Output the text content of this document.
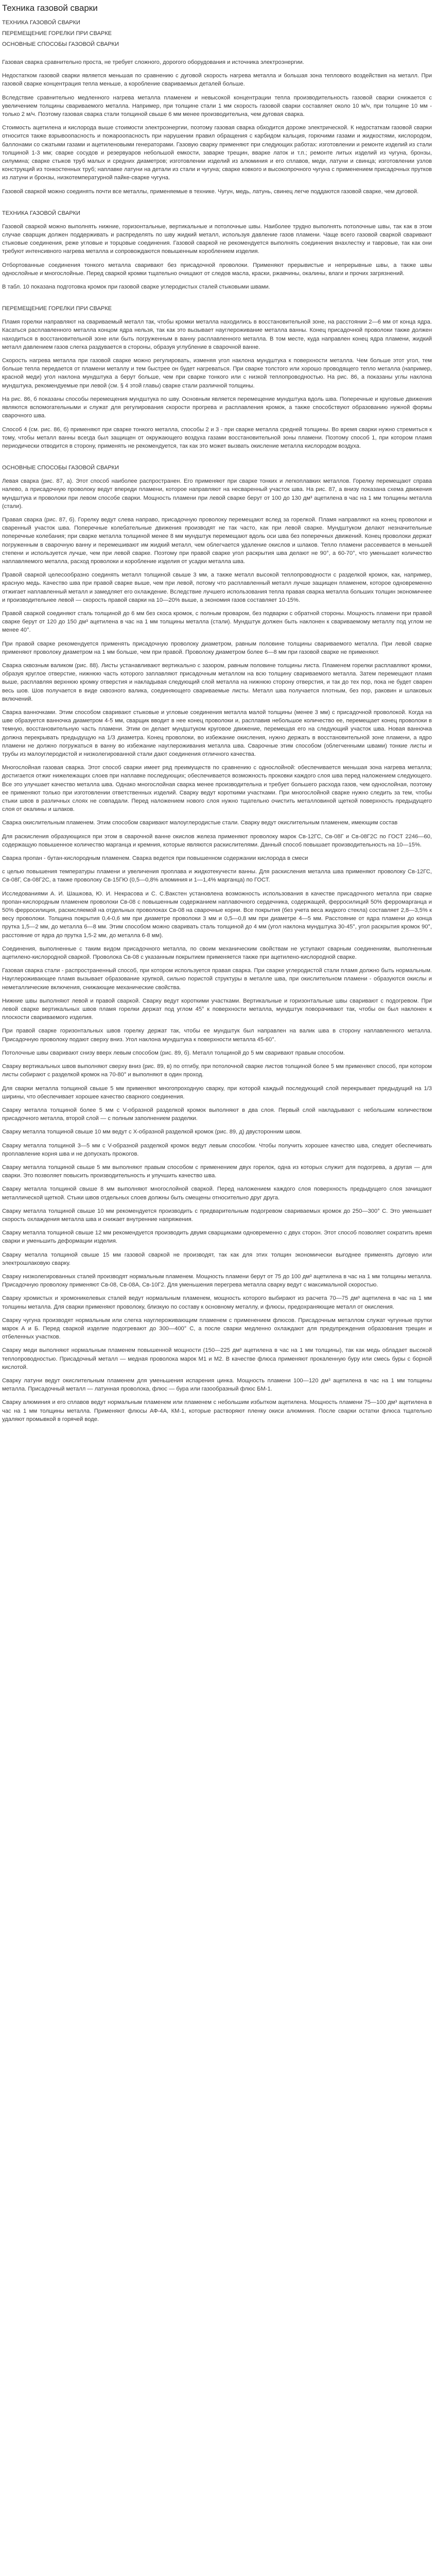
Техника газовой сварки
ТЕХНИКА ГАЗОВОЙ СВАРКИ
ПЕРЕМЕЩЕНИЕ ГОРЕЛКИ ПРИ СВАРКЕ
ОСНОВНЫЕ СПОСОБЫ ГАЗОВОЙ СВАРКИ

Газовая сварка сравнительно проста, не требует сложного, дорогого оборудования и источника электроэнергии.

Недостатком газовой сварки является меньшая по сравнению с дуговой скорость нагрева металла и большая зона теплового воздействия на металл. При газовой сварке концентрация тепла меньше, а коробление свариваемых деталей больше.

Вследствие сравнительно медленного нагрева металла пламенем и невысокой концентрации тепла производительность газовой сварки снижается с увеличением толщины свариваемого металла. Например, при толщине стали 1 мм скорость газовой сварки составляет около 10 м/ч, при толщине 10 мм - только 2 м/ч. Поэтому газовая сварка стали толщиной свыше 6 мм менее производительна, чем дуговая сварка.

Стоимость ацетилена и кислорода выше стоимости электроэнергии, поэтому газовая сварка обходится дороже электрической. К недостаткам газовой сварки относится также взрывоопасность и пожароопасность при нарушении правил обращения с карбидом кальция, горючими газами и жидкостями, кислородом, баллонами со сжатыми газами и ацетиленовыми генераторами. Газовую сварку применяют при следующих работах: изготовлении и ремонте изделий из стали толщиной 1-3 мм; сварке сосудов и резервуаров небольшой емкости, заварке трещин, вварке латок и т.п.; ремонте литых изделий из чугуна, бронзы, силумина; сварке стыков труб малых и средних диаметров; изготовлении изделий из алюминия и его сплавов, меди, латуни и свинца; изготовлении узлов конструкций из тонкостенных труб; наплавке латуни на детали из стали и чугуна; сварке ковкого и высокопрочного чугуна с применением присадочных прутков из латуни и бронзы, низкотемпературной пайке-сварке чугуна.

Газовой сваркой можно соединять почти все металлы, применяемые в технике. Чугун, медь, латунь, свинец легче поддаются газовой сварке, чем дуговой.

ТЕХНИКА ГАЗОВОЙ СВАРКИ

Газовой сваркой можно выполнять нижние, горизонтальные, вертикальные и потолочные швы. Наиболее трудно выполнять потолочные швы, так как в этом случае сварщик должен поддерживать и распределять по шву жидкий металл, используя давление газов пламени. Чаще всего газовой сваркой сваривают стыковые соединения, реже угловые и торцовые соединения. Газовой сваркой не рекомендуется выполнять соединения внахлестку и тавровые, так как они требуют интенсивного нагрева металла и сопровождаются повышенным короблением изделия.

Отбортованные соединения тонкого металла сваривают без присадочной проволоки. Применяют прерывистые и непрерывные швы, а также швы однослойные и многослойные. Перед сваркой кромки тщательно очищают от следов масла, краски, ржавчины, окалины, влаги и прочих загрязнений.

В табл. 10 показана подготовка кромок при газовой сварке углеродистых сталей стыковыми швами.

ПЕРЕМЕЩЕНИЕ ГОРЕЛКИ ПРИ СВАРКЕ

Пламя горелки направляют на свариваемый металл так, чтобы кромки металла находились в восстановительной зоне, на расстоянии 2—6 мм от конца ядра. Касаться расплавленного металла концом ядра нельзя, так как это вызывает науглероживание металла ванны. Конец присадочной проволоки также должен находиться в восстановительной зоне или быть погруженным в ванну расплавленного металла. В том месте, куда направлен конец ядра пламени, жидкий металл давлением газов слегка раздувается в стороны, образуя углубление в сварочной ванне.

Скорость нагрева металла при газовой сварке можно регулировать, изменяя угол наклона мундштука к поверхности металла. Чем больше этот угол, тем больше тепла передается от пламени металлу и тем быстрее он будет нагреваться. При сварке толстого или хорошо проводящего тепло металла (например, красной меди) угол наклона мундштука a берут больше, чем при сварке тонкого или с низкой теплопроводностью. На рис. 86, а показаны углы наклона мундштука, рекомендуемые при левой (см. § 4 этой главы) сварке стали различной толщины.

На рис. 86, б показаны способы перемещения мундштука по шву. Основным является перемещение мундштука вдоль шва. Поперечные и круговые движения являются вспомогательными и служат для регулирования скорости прогрева и расплавления кромок, а также способствуют образованию нужной формы сварочного шва.

Способ 4 (см. рис. 86, б) применяют при сварке тонкого металла, способы 2 и 3 - при сварке металла средней толщины. Во время сварки нужно стремиться к тому, чтобы металл ванны всегда был защищен от окружающего воздуха газами восстановительной зоны пламени. Поэтому способ 1, при котором пламя периодически отводится в сторону, применять не рекомендуется, так как это может вызвать окисление металла кислородом воздуха.

ОСНОВНЫЕ СПОСОБЫ ГАЗОВОЙ СВАРКИ

Левая сварка (рис. 87, а). Этот способ наиболее распространен. Его применяют при сварке тонких и легкоплавких металлов. Горелку перемещают справа налево, а присадочную проволоку ведут впереди пламени, которое направляют на несваренный участок шва. На рис. 87, а внизу показана схема движения мундштука и проволоки при левом способе сварки. Мощность пламени при левой сварке берут от 100 до 130 дм³ ацетилена в час на 1 мм толщины металла (стали).

Правая сварка (рис. 87, б). Горелку ведут слева направо, присадочную проволоку перемещают вслед за горелкой. Пламя направляют на конец проволоки и сваренный участок шва. Поперечные колебательные движения производят не так часто, как при левой сварке. Мундштуком делают незначительные поперечные колебания; при сварке металла толщиной менее 8 мм мундштук перемещают вдоль оси шва без поперечных движений. Конец проволоки держат погруженным в сварочную ванну и перемешивают им жидкий металл, чем облегчается удаление окислов и шлаков. Тепло пламени рассеивается в меньшей степени и используется лучше, чем при левой сварке. Поэтому при правой сварке угол раскрытия шва делают не 90°, а 60-70°, что уменьшает количество наплавляемого металла, расход проволоки и коробление изделия от усадки металла шва.

Правой сваркой целесообразно соединять металл толщиной свыше 3 мм, а также металл высокой теплопроводности с разделкой кромок, как, например, красную медь. Качество шва при правой сварке выше, чем при левой, потому что расплавленный металл лучше защищен пламенем, которое одновременно отжигает наплавленный металл и замедляет его охлаждение. Вследствие лучшего использования тепла правая сварка металла больших толщин экономичнее и производительнее левой — скорость правой сварки на 10—20% выше, а экономия газов составляет 10-15%.

Правой сваркой соединяют сталь толщиной до 6 мм без скоса кромок, с полным проваром, без подварки с обратной стороны. Мощность пламени при правой сварке берут от 120 до 150 дм³ ацетилена в час на 1 мм толщины металла (стали). Мундштук должен быть наклонен к свариваемому металлу под углом не менее 40°.

При правой сварке рекомендуется применять присадочную проволоку диаметром, равным половине толщины свариваемого металла. При левой сварке применяют проволоку диаметром на 1 мм больше, чем при правой. Проволоку диаметром более 6—8 мм при газовой сварке не применяют.

Сварка сквозным валиком (рис. 88). Листы устанавливают вертикально с зазором, равным половине толщины листа. Пламенем горелки расплавляют кромки, образуя круглое отверстие, нижнюю часть которого заплавляют присадочным металлом на всю толщину свариваемого металла. Затем перемещают пламя выше, расплавляя верхнюю кромку отверстия и накладывая следующий слой металла на нижнюю сторону отверстия, и так до тех пор, пока не будет сварен весь шов. Шов получается в виде сквозного валика, соединяющего свариваемые листы. Металл шва получается плотным, без пор, раковин и шлаковых включений.

Сварка ванночками. Этим способом сваривают стыковые и угловые соединения металла малой толщины (менее 3 мм) с присадочной проволокой. Когда на шве образуется ванночка диаметром 4-5 мм, сварщик вводит в нее конец проволоки и, расплавив небольшое количество ее, перемещает конец проволоки в темную, восстановительную часть пламени. Этим он делает мундштуком круговое движение, перемещая его на следующий участок шва. Новая ванночка должна перекрывать предыдущую на 1/3 диаметра. Конец проволоки, во избежание окисления, нужно держать в восстановительной зоне пламени, а ядро пламени не должно погружаться в ванну во избежание науглероживания металла шва. Сварочные этим способом (облегченными швами) тонкие листы и трубы из малоуглеродистой и низколегированной стали дают соединения отличного качества.

Многослойная газовая сварка. Этот способ сварки имеет ряд преимуществ по сравнению с однослойной: обеспечивается меньшая зона нагрева металла; достигается отжиг нижележащих слоев при наплавке последующих; обеспечивается возможность проковки каждого слоя шва перед наложением следующего. Все это улучшает качество металла шва. Однако многослойная сварка менее производительна и требует большего расхода газов, чем однослойная, поэтому ее применяют только при изготовлении ответственных изделий. Сварку ведут короткими участками. При многослойной сварке нужно следить за тем, чтобы стыки швов в различных слоях не совпадали. Перед наложением нового слоя нужно тщательно очистить металловиной щеткой поверхность предыдущего слоя от окалины и шлаков.

Сварка окислительным пламенем. Этим способом сваривают малоуглеродистые стали. Сварку ведут окислительным пламенем, имеющим состав

Для раскисления образующихся при этом в сварочной ванне окислов железа применяют проволоку марок Св-12ГС, Св-08Г и Св-08Г2С по ГОСТ 2246—60, содержащую повышенное количество марганца и кремния, которые являются раскислителями. Данный способ повышает производительность на 10—15%.

Сварка пропан - бутан-кислородным пламенем. Сварка ведется при повышенном содержании кислорода в смеси

с целью повышения температуры пламени и увеличения проплава и жидкотекучести ванны. Для раскисления металла шва применяют проволоку Св-12ГС, Св-08Г, Св-08Г2С, а также проволоку Св-15ГЮ (0,5—0,8% алюминия и 1—1,4% марганца) по ГОСТ.

Исследованиями А. И. Шашкова, Ю. И. Некрасова и С. С.Вакстен установлена возможность использования в качестве присадочного металла при сварке пропан-кислородным пламенем проволоки Св-08 с повышенным содержанием наплавочного сердечника, содержащей, ферросилиций 50% ферромарганца и 50% ферросилиция, раскисляемой на отдельных проволоках Св-08 на сварочные корни. Все покрытия (без учета веса жидкого стекла) составляет 2,8—3,5% к весу проволоки. Толщина покрытия 0,4-0,6 мм при диаметре проволоки 3 мм и 0,5—0,8 мм при диаметре 4—5 мм. Расстояние от ядра пламени до конца прутка 1,5—2 мм, до металла 6—8 мм. Этим способом можно сваривать сталь толщиной до 4 мм (угол наклона мундштука 30-45°, угол раскрытия кромок 90°, расстояние от ядра до прутка 1,5-2 мм, до металла 6-8 мм).

Соединения, выполненные с таким видом присадочного металла, по своим механическим свойствам не уступают сварным соединениям, выполненным ацетилено-кислородной сваркой. Проволока Св-08 с указанным покрытием применяется также при ацетилено-кислородной сварке.

Газовая сварка стали - распространенный способ, при котором используется правая сварка. При сварке углеродистой стали пламя должно быть нормальным. Науглероживающее пламя вызывает образование хрупкой, сильно пористой структуры в металле шва, при окислительном пламени - образуются окислы и неметаллические включения, снижающие механические свойства.

Нижние швы выполняют левой и правой сваркой. Сварку ведут короткими участками. Вертикальные и горизонтальные швы сваривают с подогревом. При левой сварке вертикальных швов пламя горелки держат под углом 45° к поверхности металла, мундштук поворачивают так, чтобы он был наклонен к плоскости свариваемого изделия.

При правой сварке горизонтальных швов горелку держат так, чтобы ее мундштук был направлен на валик шва в сторону наплавленного металла. Присадочную проволоку подают сверху вниз. Угол наклона мундштука к поверхности металла 45-60°.

Потолочные швы сваривают снизу вверх левым способом (рис. 89, б). Металл толщиной до 5 мм сваривают правым способом.

Сварку вертикальных швов выполняют сверху вниз (рис. 89, в) по отгибу, при потолочной сварке листов толщиной более 5 мм применяют способ, при котором листы собирают с разделкой кромок на 70-80° и выполняют в один проход.

Для сварки металла толщиной свыше 5 мм применяют многопроходную сварку, при которой каждый последующий слой перекрывает предыдущий на 1/3 ширины, что обеспечивает хорошее качество сварного соединения.

Сварку металла толщиной более 5 мм с V-образной разделкой кромок выполняют в два слоя. Первый слой накладывают с небольшим количеством присадочного металла, второй слой — с полным заполнением разделки.

Сварку металла толщиной свыше 10 мм ведут с Х-образной разделкой кромок (рис. 89, д) двусторонним швом.

Сварку металла толщиной 3—5 мм с V-образной разделкой кромок ведут левым способом. Чтобы получить хорошее качество шва, следует обеспечивать проплавление корня шва и не допускать прожогов.

Сварку металла толщиной свыше 5 мм выполняют правым способом с применением двух горелок, одна из которых служит для подогрева, а другая — для сварки. Это позволяет повысить производительность и улучшить качество шва.

Сварку металла толщиной свыше 8 мм выполняют многослойной сваркой. Перед наложением каждого слоя поверхность предыдущего слоя зачищают металлической щеткой. Стыки швов отдельных слоев должны быть смещены относительно друг друга.

Сварку металла толщиной свыше 10 мм рекомендуется производить с предварительным подогревом свариваемых кромок до 250—300° С. Это уменьшает скорость охлаждения металла шва и снижает внутренние напряжения.

Сварку металла толщиной свыше 12 мм рекомендуется производить двумя сварщиками одновременно с двух сторон. Этот способ позволяет сократить время сварки и уменьшить деформации изделия.

Сварку металла толщиной свыше 15 мм газовой сваркой не производят, так как для этих толщин экономически выгоднее применять дуговую или электрошлаковую сварку.

Сварку низколегированных сталей производят нормальным пламенем. Мощность пламени берут от 75 до 100 дм³ ацетилена в час на 1 мм толщины металла. Присадочную проволоку применяют Св-08, Св-08А, Св-10Г2. Для уменьшения перегрева металла сварку ведут с максимальной скоростью.

Сварку хромистых и хромоникелевых сталей ведут нормальным пламенем, мощность которого выбирают из расчета 70—75 дм³ ацетилена в час на 1 мм толщины металла. Для сварки применяют проволоку, близкую по составу к основному металлу, и флюсы, предохраняющие металл от окисления.

Сварку чугуна производят нормальным или слегка науглероживающим пламенем с применением флюсов. Присадочным металлом служат чугунные прутки марок А и Б. Перед сваркой изделие подогревают до 300—400° С, а после сварки медленно охлаждают для предупреждения образования трещин и отбеленных участков.

Сварку меди выполняют нормальным пламенем повышенной мощности (150—225 дм³ ацетилена в час на 1 мм толщины), так как медь обладает высокой теплопроводностью. Присадочный металл — медная проволока марок М1 и М2. В качестве флюса применяют прокаленную буру или смесь буры с борной кислотой.

Сварку латуни ведут окислительным пламенем для уменьшения испарения цинка. Мощность пламени 100—120 дм³ ацетилена в час на 1 мм толщины металла. Присадочный металл — латунная проволока, флюс — бура или газообразный флюс БМ-1.

Сварку алюминия и его сплавов ведут нормальным пламенем или пламенем с небольшим избытком ацетилена. Мощность пламени 75—100 дм³ ацетилена в час на 1 мм толщины металла. Применяют флюсы АФ-4А, КМ-1, которые растворяют пленку окиси алюминия. После сварки остатки флюса тщательно удаляют промывкой в горячей воде.
